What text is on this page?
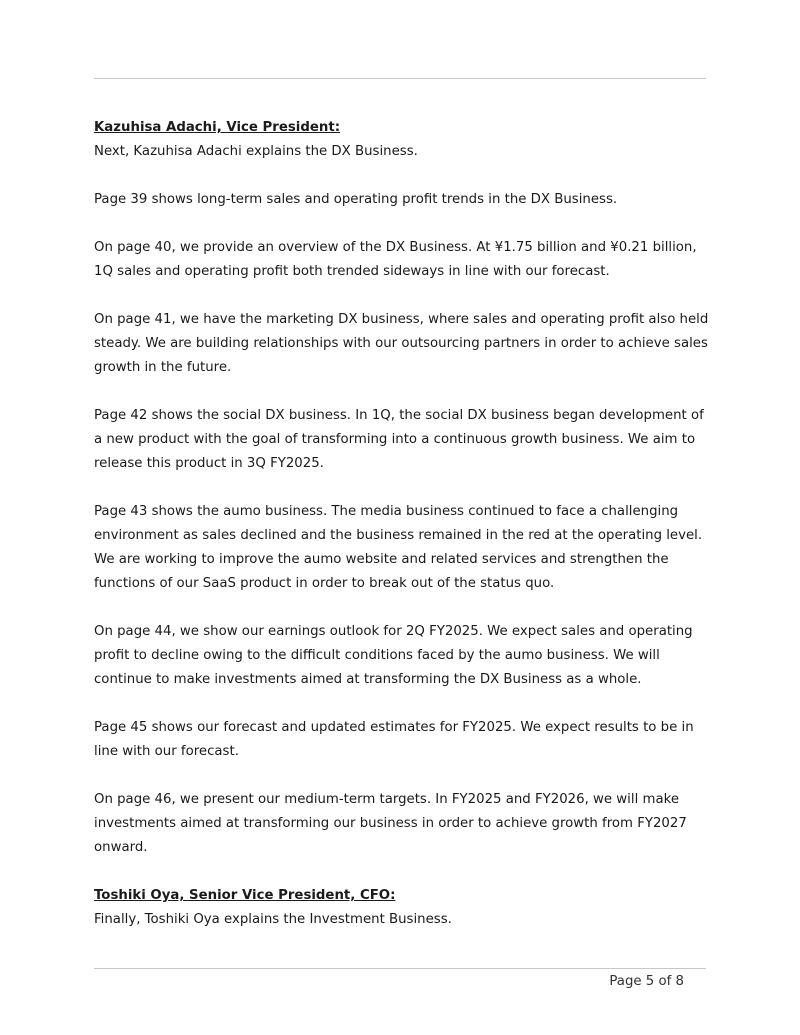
Kazuhisa Adachi, Vice President:

Next, Kazuhisa Adachi explains the DX Business.

Page 39 shows long-term sales and operating profit trends in the DX Business.

On page 40, we provide an overview of the DX Business. At ¥1.75 billion and ¥0.21 billion, 1Q sales and operating profit both trended sideways in line with our forecast.

On page 41, we have the marketing DX business, where sales and operating profit also held steady. We are building relationships with our outsourcing partners in order to achieve sales growth in the future.

Page 42 shows the social DX business. In 1Q, the social DX business began development of a new product with the goal of transforming into a continuous growth business. We aim to release this product in 3Q FY2025.

Page 43 shows the aumo business. The media business continued to face a challenging environment as sales declined and the business remained in the red at the operating level. We are working to improve the aumo website and related services and strengthen the functions of our SaaS product in order to break out of the status quo.

On page 44, we show our earnings outlook for 2Q FY2025. We expect sales and operating profit to decline owing to the difficult conditions faced by the aumo business. We will continue to make investments aimed at transforming the DX Business as a whole.

Page 45 shows our forecast and updated estimates for FY2025. We expect results to be in line with our forecast.

On page 46, we present our medium-term targets. In FY2025 and FY2026, we will make investments aimed at transforming our business in order to achieve growth from FY2027 onward.

Toshiki Oya, Senior Vice President, CFO:

Finally, Toshiki Oya explains the Investment Business.

Page 5 of 8
